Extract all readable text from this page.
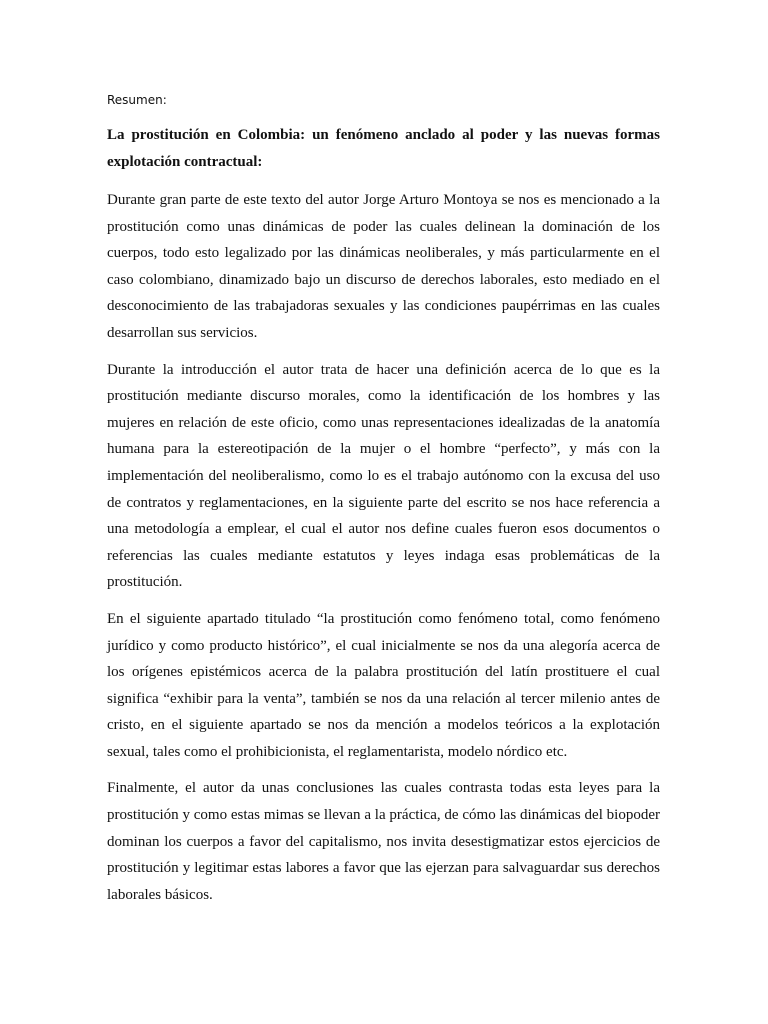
Resumen:

La prostitución en Colombia: un fenómeno anclado al poder y las nuevas formas explotación contractual:

Durante gran parte de este texto del autor Jorge Arturo Montoya se nos es mencionado a la prostitución como unas dinámicas de poder las cuales delinean la dominación de los cuerpos, todo esto legalizado por las dinámicas neoliberales, y más particularmente en el caso colombiano, dinamizado bajo un discurso de derechos laborales, esto mediado en el desconocimiento de las trabajadoras sexuales y las condiciones paupérrimas en las cuales desarrollan sus servicios.

Durante la introducción el autor trata de hacer una definición acerca de lo que es la prostitución mediante discurso morales, como la identificación de los hombres y las mujeres en relación de este oficio, como unas representaciones idealizadas de la anatomía humana para la estereotipación de la mujer o el hombre “perfecto”, y más con la implementación del neoliberalismo, como lo es el trabajo autónomo con la excusa del uso de contratos y reglamentaciones, en la siguiente parte del escrito se nos hace referencia a una metodología a emplear, el cual el autor nos define cuales fueron esos documentos o referencias las cuales mediante estatutos y leyes indaga esas problemáticas de la prostitución.

En el siguiente apartado titulado “la prostitución como fenómeno total, como fenómeno jurídico y como producto histórico”, el cual inicialmente se nos da una alegoría acerca de los orígenes epistémicos acerca de la palabra prostitución del latín prostituere el cual significa “exhibir para la venta”, también se nos da una relación al tercer milenio antes de cristo, en el siguiente apartado se nos da mención a modelos teóricos a la explotación sexual, tales como el prohibicionista, el reglamentarista, modelo nórdico etc.

Finalmente, el autor da unas conclusiones las cuales contrasta todas esta leyes para la prostitución y como estas mimas se llevan a la práctica, de cómo las dinámicas del biopoder dominan los cuerpos a favor del capitalismo, nos invita desestigmatizar estos ejercicios de prostitución y legitimar estas labores a favor que las ejerzan para salvaguardar sus derechos laborales básicos.
